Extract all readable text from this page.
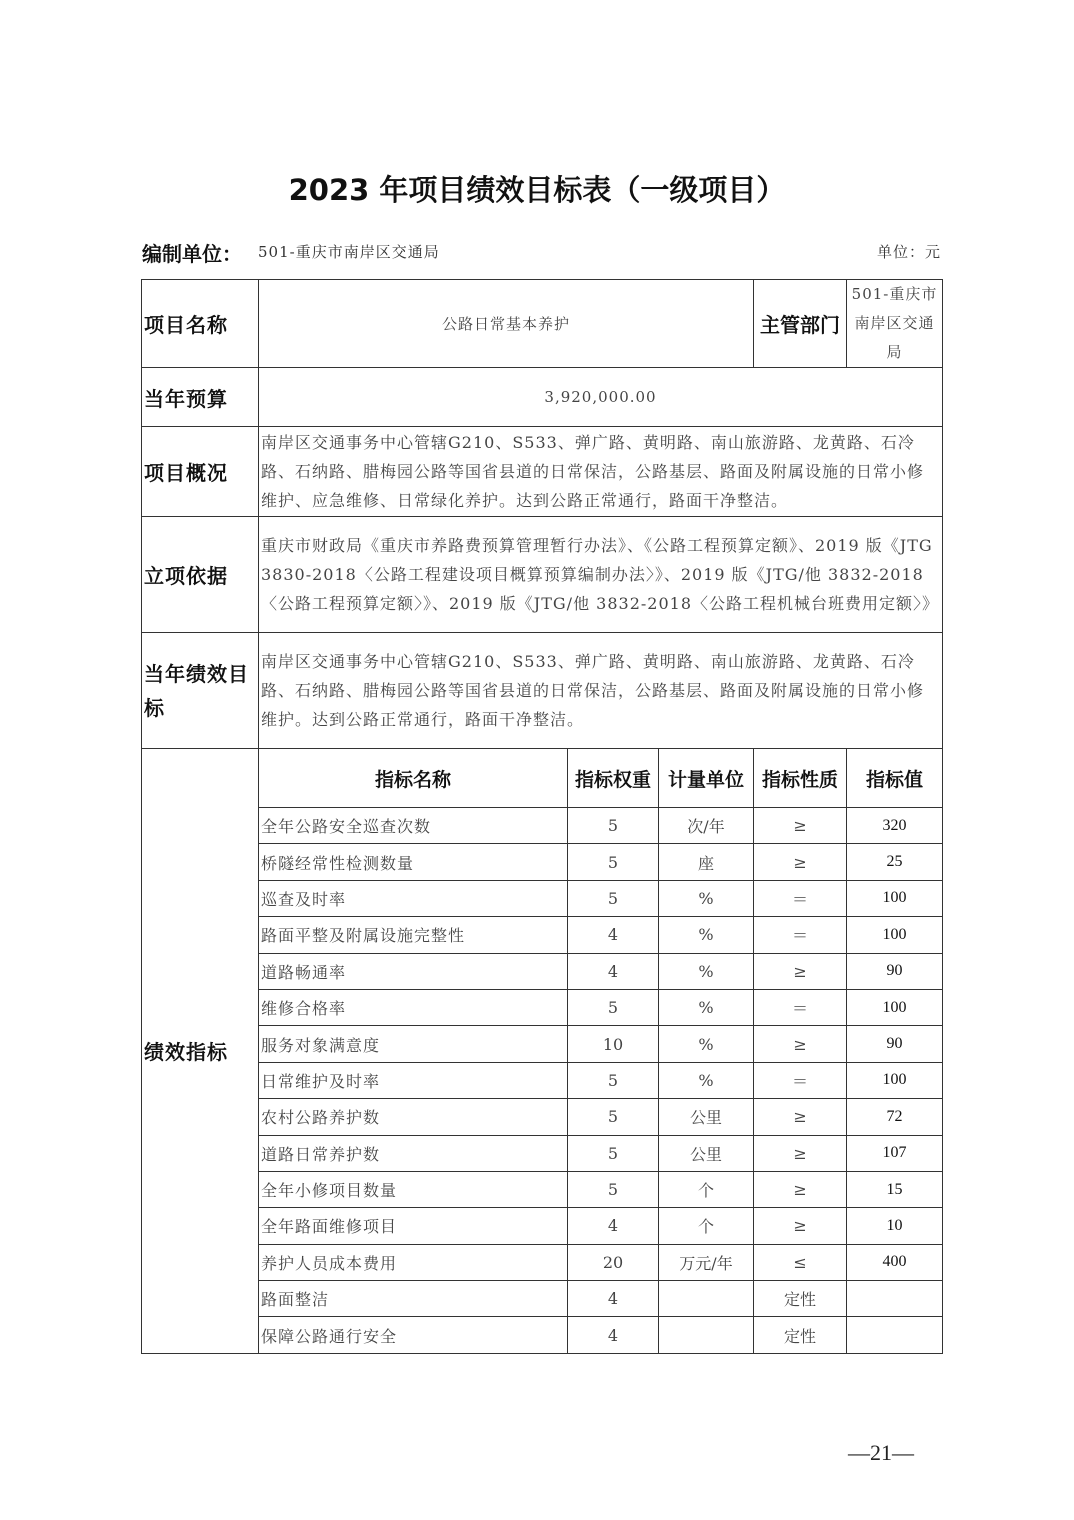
2023 年项目绩效目标表（一级项目）
编制单位： 501-重庆市南岸区交通局	单位：元
项目名称	公路日常基本养护			主管部门	501-重庆市南岸区交通局
当年预算	3,920,000.00				
项目概况	南岸区交通事务中心管辖G210、S533、弹广路、黄明路、南山旅游路、龙黄路、石冷路、石纳路、腊梅园公路等国省县道的日常保洁，公路基层、路面及附属设施的日常小修维护、应急维修、日常绿化养护。达到公路正常通行，路面干净整洁。				
立项依据	重庆市财政局《重庆市养路费预算管理暂行办法》、《公路工程预算定额》、2019 版《JTG3830-2018〈公路工程建设项目概算预算编制办法〉》、2019 版《JTG/他 3832-2018〈公路工程预算定额〉》、2019 版《JTG/他 3832-2018〈公路工程机械台班费用定额〉》				
当年绩效目标	南岸区交通事务中心管辖G210、S533、弹广路、黄明路、南山旅游路、龙黄路、石冷路、石纳路、腊梅园公路等国省县道的日常保洁，公路基层、路面及附属设施的日常小修维护。达到公路正常通行，路面干净整洁。				
绩效指标	指标名称	指标权重	计量单位	指标性质	指标值
	全年公路安全巡查次数	5	次/年	≥	320
	桥隧经常性检测数量	5	座	≥	25
	巡查及时率	5	%	＝	100
	路面平整及附属设施完整性	4	%	＝	100
	道路畅通率	4	%	≥	90
	维修合格率	5	%	＝	100
	服务对象满意度	10	%	≥	90
	日常维护及时率	5	%	＝	100
	农村公路养护数	5	公里	≥	72
	道路日常养护数	5	公里	≥	107
	全年小修项目数量	5	个	≥	15
	全年路面维修项目	4	个	≥	10
	养护人员成本费用	20	万元/年	≤	400
	路面整洁	4		定性	
	保障公路通行安全	4		定性	
—21—
